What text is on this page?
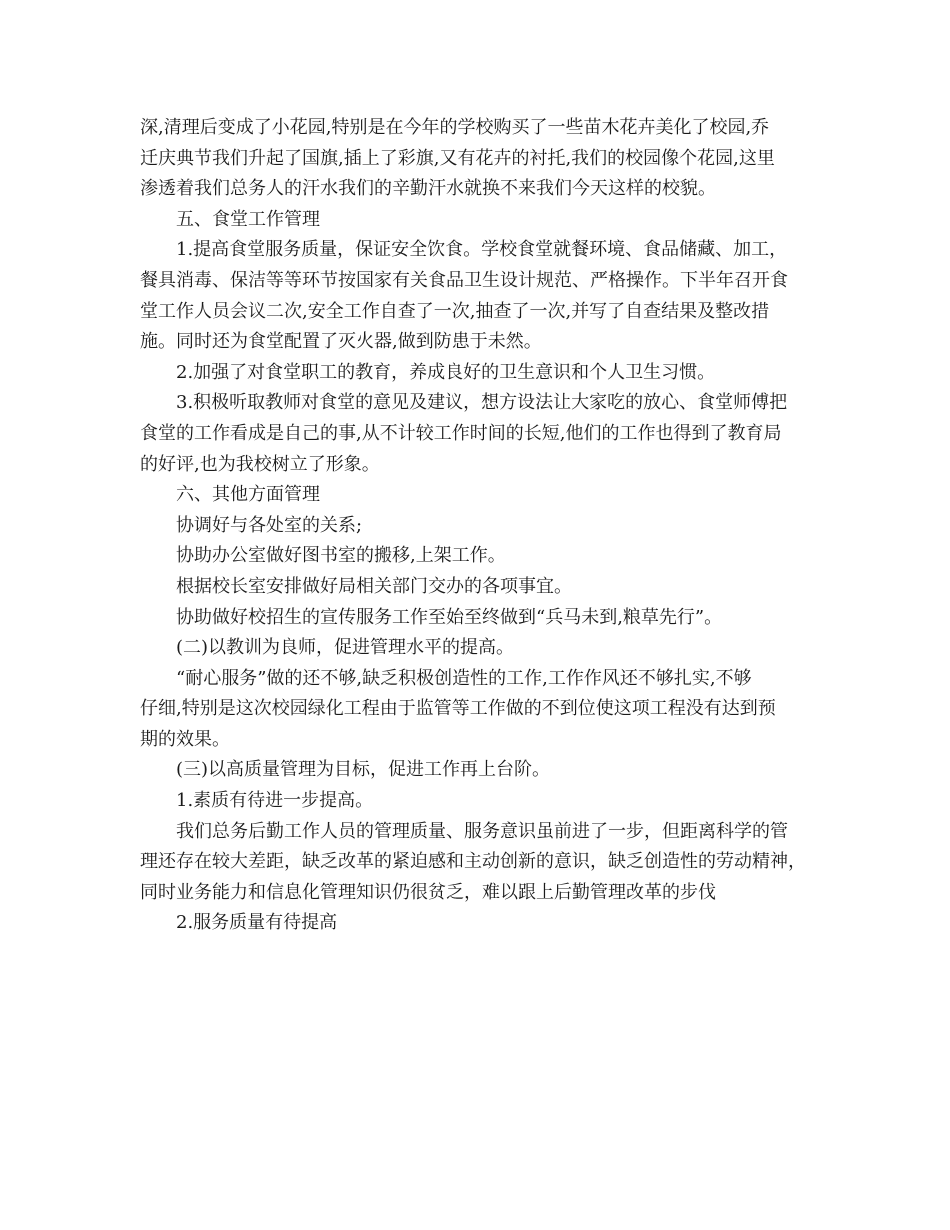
深,清理后变成了小花园,特别是在今年的学校购买了一些苗木花卉美化了校园,乔

迁庆典节我们升起了国旗,插上了彩旗,又有花卉的衬托,我们的校园像个花园,这里

渗透着我们总务人的汗水我们的辛勤汗水就换不来我们今天这样的校貌。

五、食堂工作管理

1.提高食堂服务质量，保证安全饮食。学校食堂就餐环境、食品储藏、加工，

餐具消毒、保洁等等环节按国家有关食品卫生设计规范、严格操作。下半年召开食

堂工作人员会议二次,安全工作自查了一次,抽查了一次,并写了自查结果及整改措

施。同时还为食堂配置了灭火器,做到防患于未然。

2.加强了对食堂职工的教育，养成良好的卫生意识和个人卫生习惯。

3.积极听取教师对食堂的意见及建议，想方设法让大家吃的放心、食堂师傅把

食堂的工作看成是自己的事,从不计较工作时间的长短,他们的工作也得到了教育局

的好评,也为我校树立了形象。

六、其他方面管理

协调好与各处室的关系;

协助办公室做好图书室的搬移,上架工作。

根据校长室安排做好局相关部门交办的各项事宜。

协助做好校招生的宣传服务工作至始至终做到“兵马未到,粮草先行”。

(二)以教训为良师，促进管理水平的提高。

“耐心服务”做的还不够,缺乏积极创造性的工作,工作作风还不够扎实,不够

仔细,特别是这次校园绿化工程由于监管等工作做的不到位使这项工程没有达到预

期的效果。

(三)以高质量管理为目标，促进工作再上台阶。

1.素质有待进一步提高。

我们总务后勤工作人员的管理质量、服务意识虽前进了一步，但距离科学的管

理还存在较大差距，缺乏改革的紧迫感和主动创新的意识，缺乏创造性的劳动精神，

同时业务能力和信息化管理知识仍很贫乏，难以跟上后勤管理改革的步伐

2.服务质量有待提高
